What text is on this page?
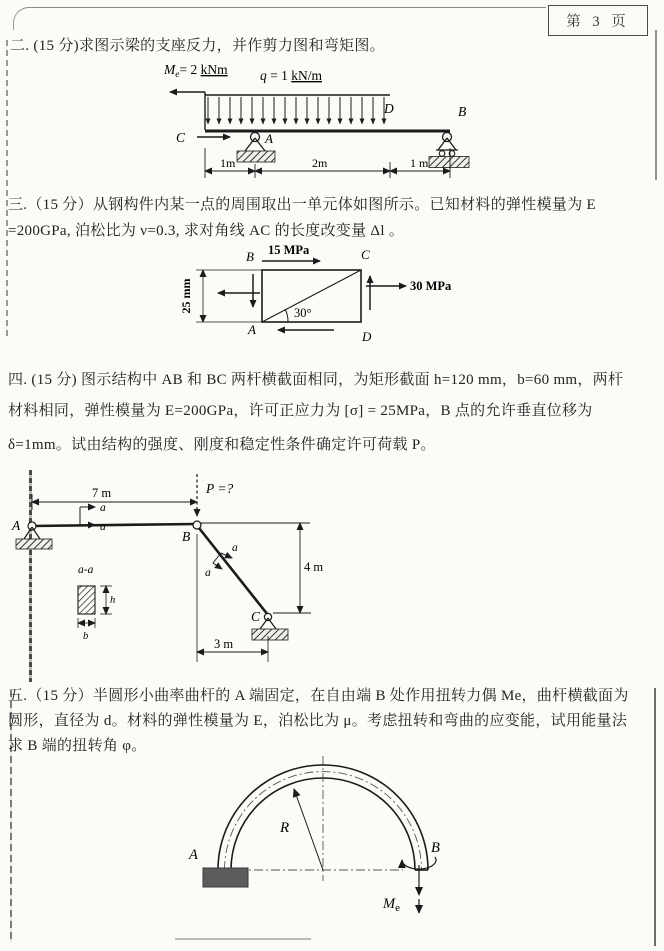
第 3 页
二. (15 分)求图示梁的支座反力，并作剪力图和弯矩图。
$M_e= 2$ kNm q = 1 kN/m
C
D	B
A
1m	2m	1 m
三.（15 分）从钢构件内某一点的周围取出一单元体如图所示。已知材料的弹性模量为 E
=200GPa, 泊松比为 ν=0.3, 求对角线 AC 的长度改变量 Δl 。
15 MPa
B	C
30°
25 mm	30 MPa
A	D
四. (15 分) 图示结构中 AB 和 BC 两杆横截面相同，为矩形截面 h=120 mm，b=60 mm，两杆
材料相同，弹性模量为 E=200GPa，许可正应力为 [σ] = 25MPa，B 点的允许垂直位移为
δ=1mm。试由结构的强度、刚度和稳定性条件确定许可荷载 P。
7 m
A
a
a
P =?
B
a
a
C
4 m
3 m
a-a
h
b
五.（15 分）半圆形小曲率曲杆的 A 端固定，在自由端 B 处作用扭转力偶 Me，曲杆横截面为
圆形，直径为 d。材料的弹性模量为 E，泊松比为 μ。考虑扭转和弯曲的应变能，试用能量法
求 B 端的扭转角 φ。
A
R
B
$M_e$
